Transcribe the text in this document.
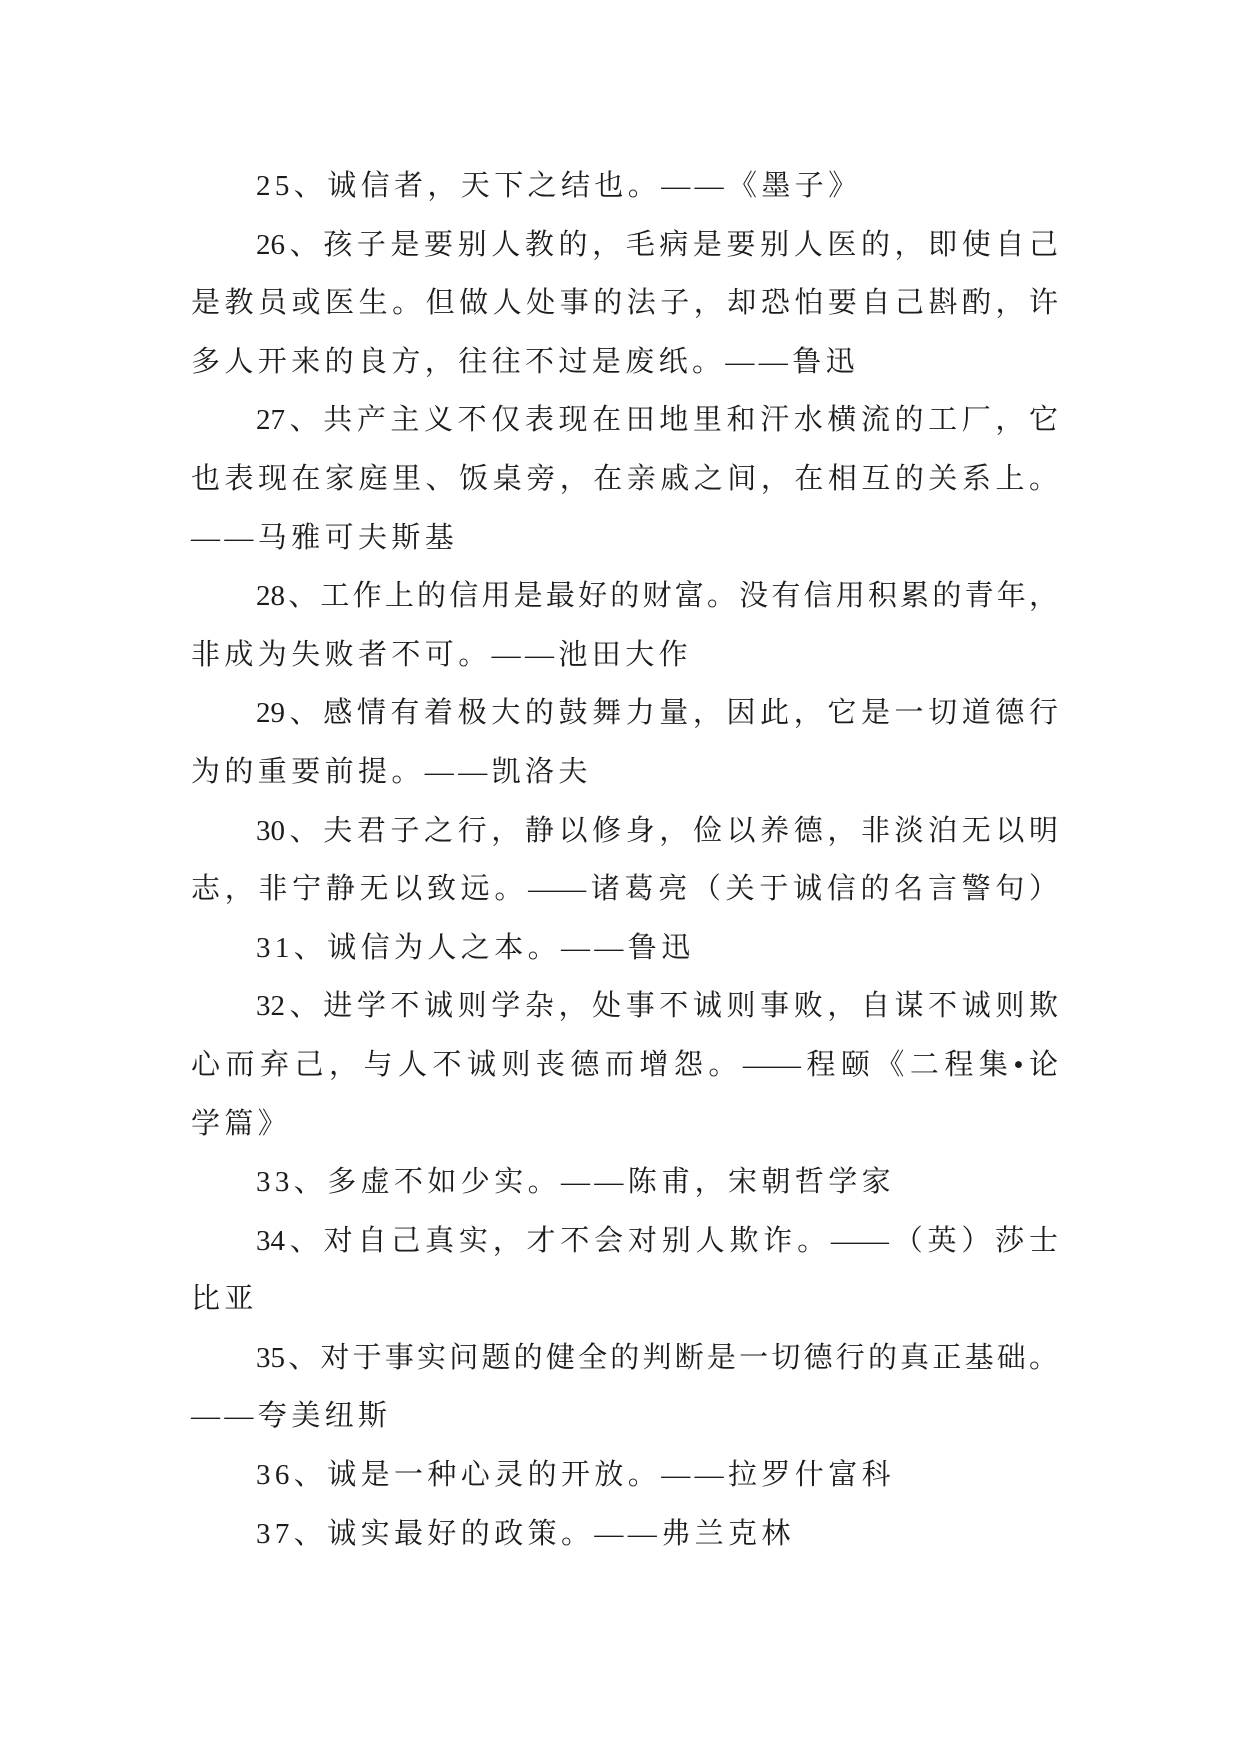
25、诚信者，天下之结也。——《墨子》
26、孩子是要别人教的，毛病是要别人医的，即使自己
是教员或医生。但做人处事的法子，却恐怕要自己斟酌，许
多人开来的良方，往往不过是废纸。——鲁迅
27、共产主义不仅表现在田地里和汗水横流的工厂，它
也表现在家庭里、饭桌旁，在亲戚之间，在相互的关系上。
——马雅可夫斯基
28、工作上的信用是最好的财富。没有信用积累的青年，
非成为失败者不可。——池田大作
29、感情有着极大的鼓舞力量，因此，它是一切道德行
为的重要前提。——凯洛夫
30、夫君子之行，静以修身，俭以养德，非淡泊无以明
志，非宁静无以致远。——诸葛亮（关于诚信的名言警句）
31、诚信为人之本。——鲁迅
32、进学不诚则学杂，处事不诚则事败，自谋不诚则欺
心而弃己，与人不诚则丧德而增怨。——程颐《二程集•论
学篇》
33、多虚不如少实。——陈甫，宋朝哲学家
34、对自己真实，才不会对别人欺诈。——（英）莎士
比亚
35、对于事实问题的健全的判断是一切德行的真正基础。
——夸美纽斯
36、诚是一种心灵的开放。——拉罗什富科
37、诚实最好的政策。——弗兰克林
